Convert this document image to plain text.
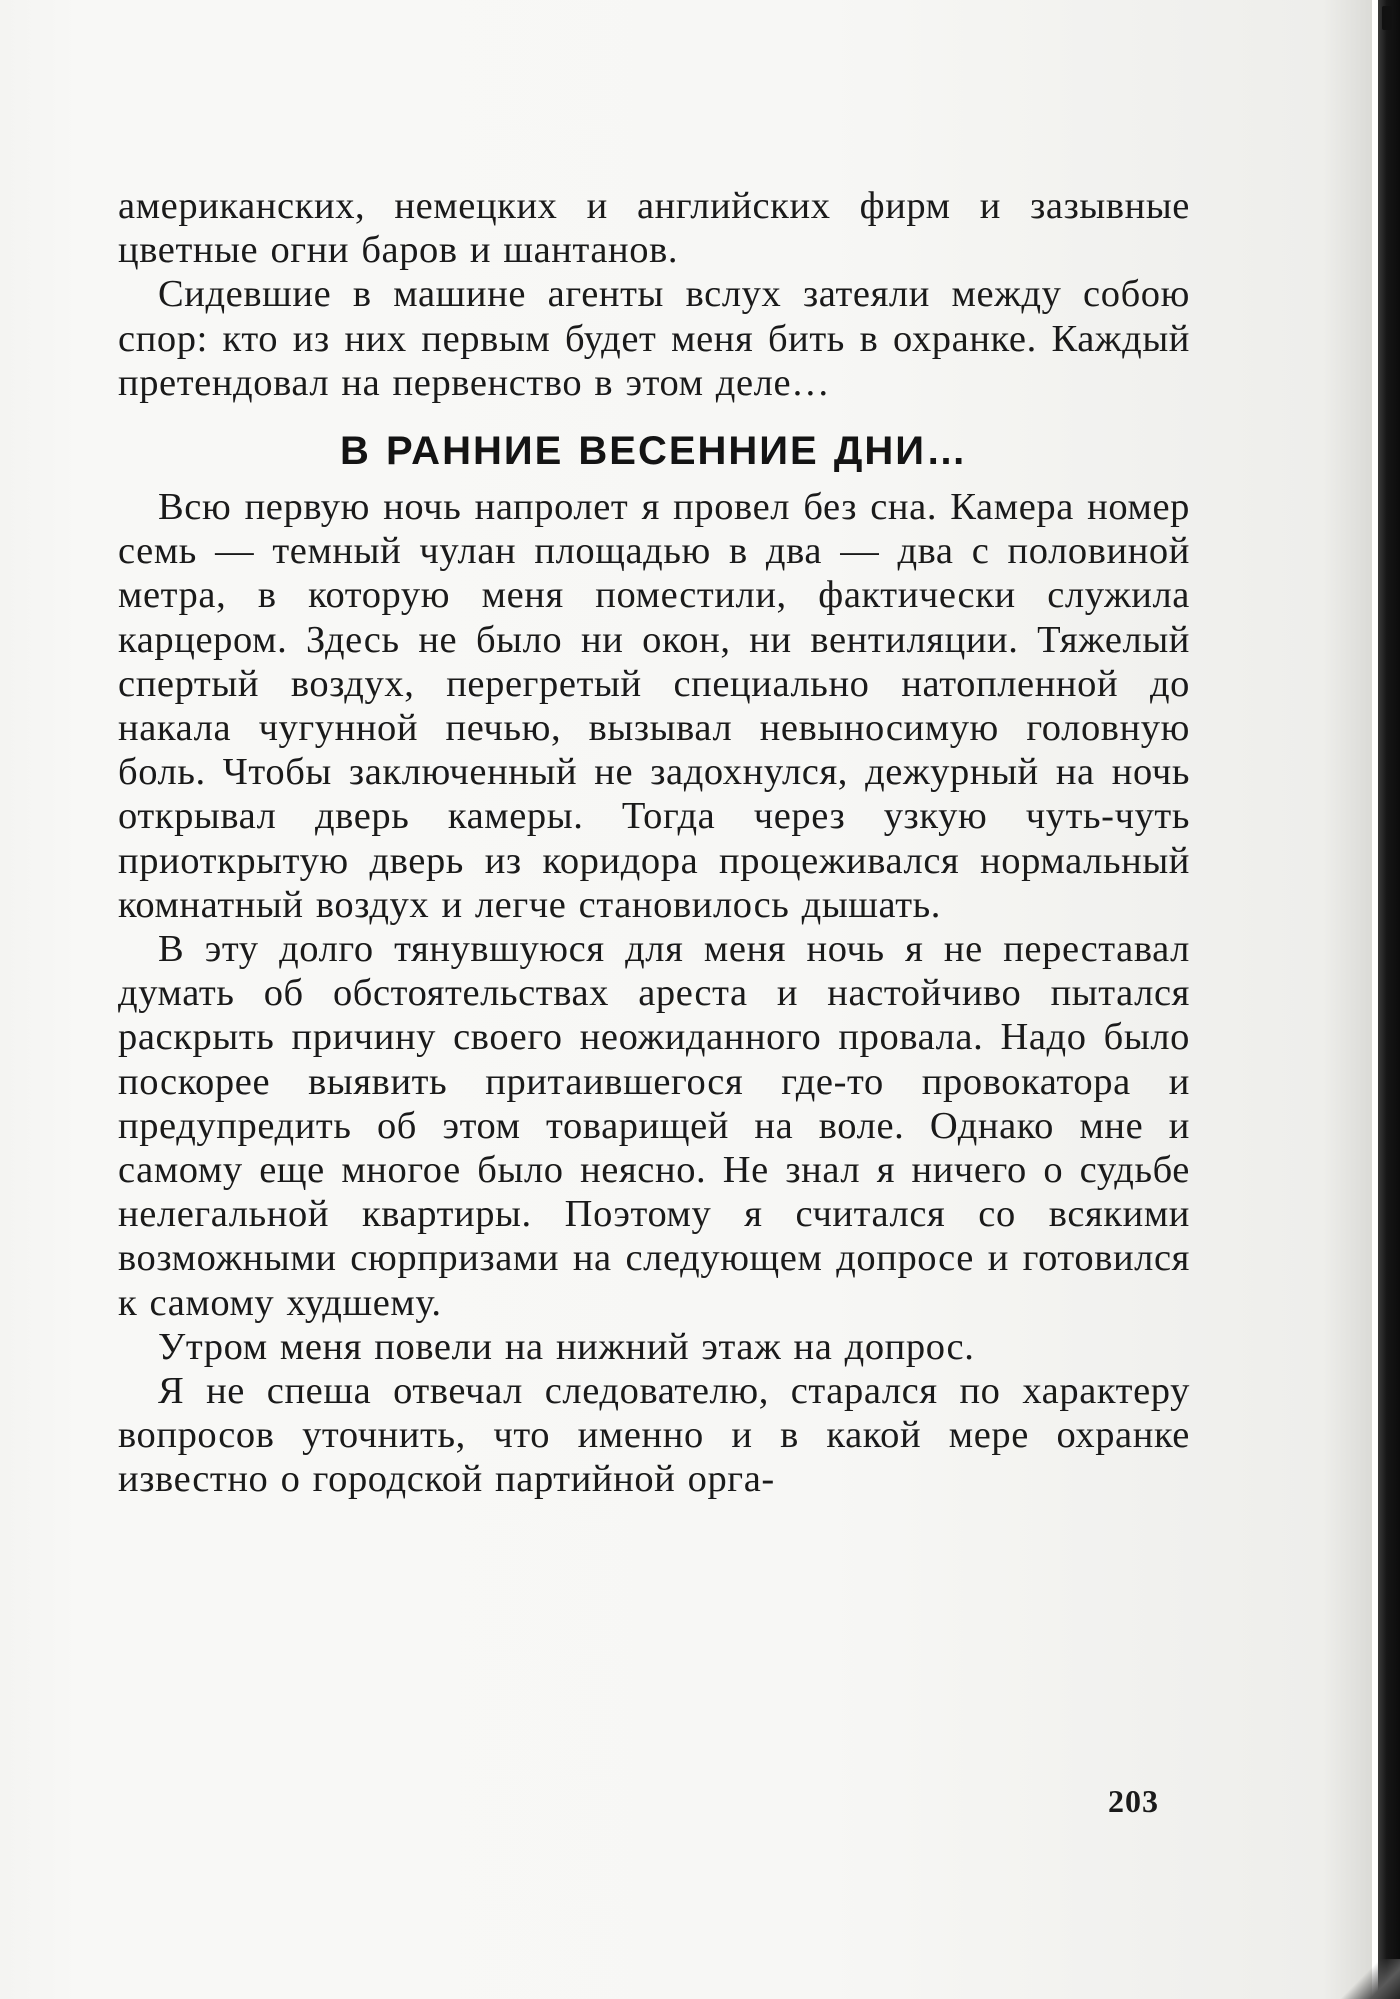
американских, немецких и английских фирм и зазывные цветные огни баров и шантанов.

Сидевшие в машине агенты вслух затеяли между собою спор: кто из них первым будет меня бить в охранке. Каждый претендовал на первенство в этом деле…

В РАННИЕ ВЕСЕННИЕ ДНИ…

Всю первую ночь напролет я провел без сна. Камера номер семь — темный чулан площадью в два — два с половиной метра, в которую меня поместили, фактически служила карцером. Здесь не было ни окон, ни вентиляции. Тяжелый спертый воздух, перегретый специально натопленной до накала чугунной печью, вызывал невыносимую головную боль. Чтобы заключенный не задохнулся, дежурный на ночь открывал дверь камеры. Тогда через узкую чуть-чуть приоткрытую дверь из коридора процеживался нормальный комнатный воздух и легче становилось дышать.

В эту долго тянувшуюся для меня ночь я не переставал думать об обстоятельствах ареста и настойчиво пытался раскрыть причину своего неожиданного провала. Надо было поскорее выявить притаившегося где-то провокатора и предупредить об этом товарищей на воле. Однако мне и самому еще многое было неясно. Не знал я ничего о судьбе нелегальной квартиры. Поэтому я считался со всякими возможными сюрпризами на следующем допросе и готовился к самому худшему.

Утром меня повели на нижний этаж на допрос.

Я не спеша отвечал следователю, старался по характеру вопросов уточнить, что именно и в какой мере охранке известно о городской партийной орга-

203
